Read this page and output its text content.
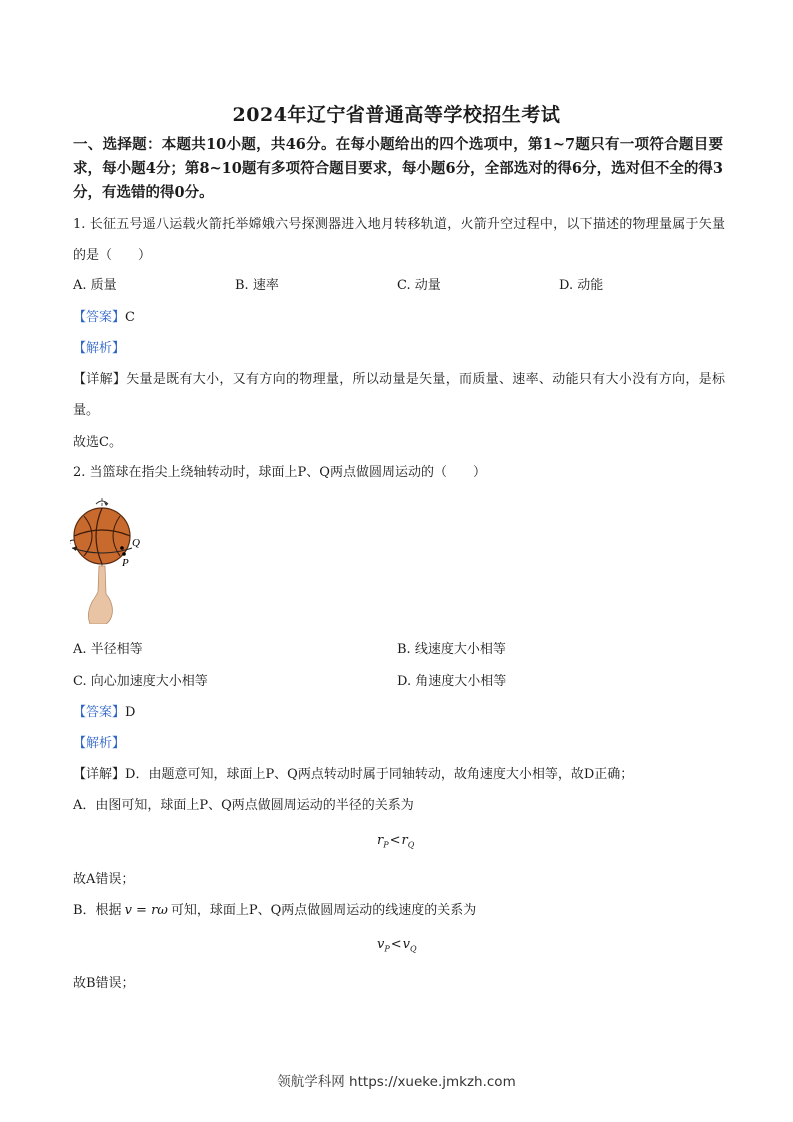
2024年辽宁省普通高等学校招生考试
一、选择题：本题共10小题，共46分。在每小题给出的四个选项中，第1~7题只有一项符合题目要求，每小题4分；第8~10题有多项符合题目要求，每小题6分，全部选对的得6分，选对但不全的得3分，有选错的得0分。
1. 长征五号遥八运载火箭托举嫦娥六号探测器进入地月转移轨道，火箭升空过程中，以下描述的物理量属于矢量的是（　　）
A. 质量	B. 速率	C. 动量	D. 动能
【答案】C
【解析】
【详解】矢量是既有大小，又有方向的物理量，所以动量是矢量，而质量、速率、动能只有大小没有方向，是标量。
故选C。
2. 当篮球在指尖上绕轴转动时，球面上P、Q两点做圆周运动的（　　）
Q
P
A. 半径相等	B. 线速度大小相等
C. 向心加速度大小相等	D. 角速度大小相等
【答案】D
【解析】
【详解】D．由题意可知，球面上P、Q两点转动时属于同轴转动，故角速度大小相等，故D正确；
A．由图可知，球面上P、Q两点做圆周运动的半径的关系为
$r_P<r_Q$
故A错误；
B．根据 v = rω 可知，球面上P、Q两点做圆周运动的线速度的关系为
$v_P<v_Q$
故B错误；
领航学科网 https://xueke.jmkzh.com
